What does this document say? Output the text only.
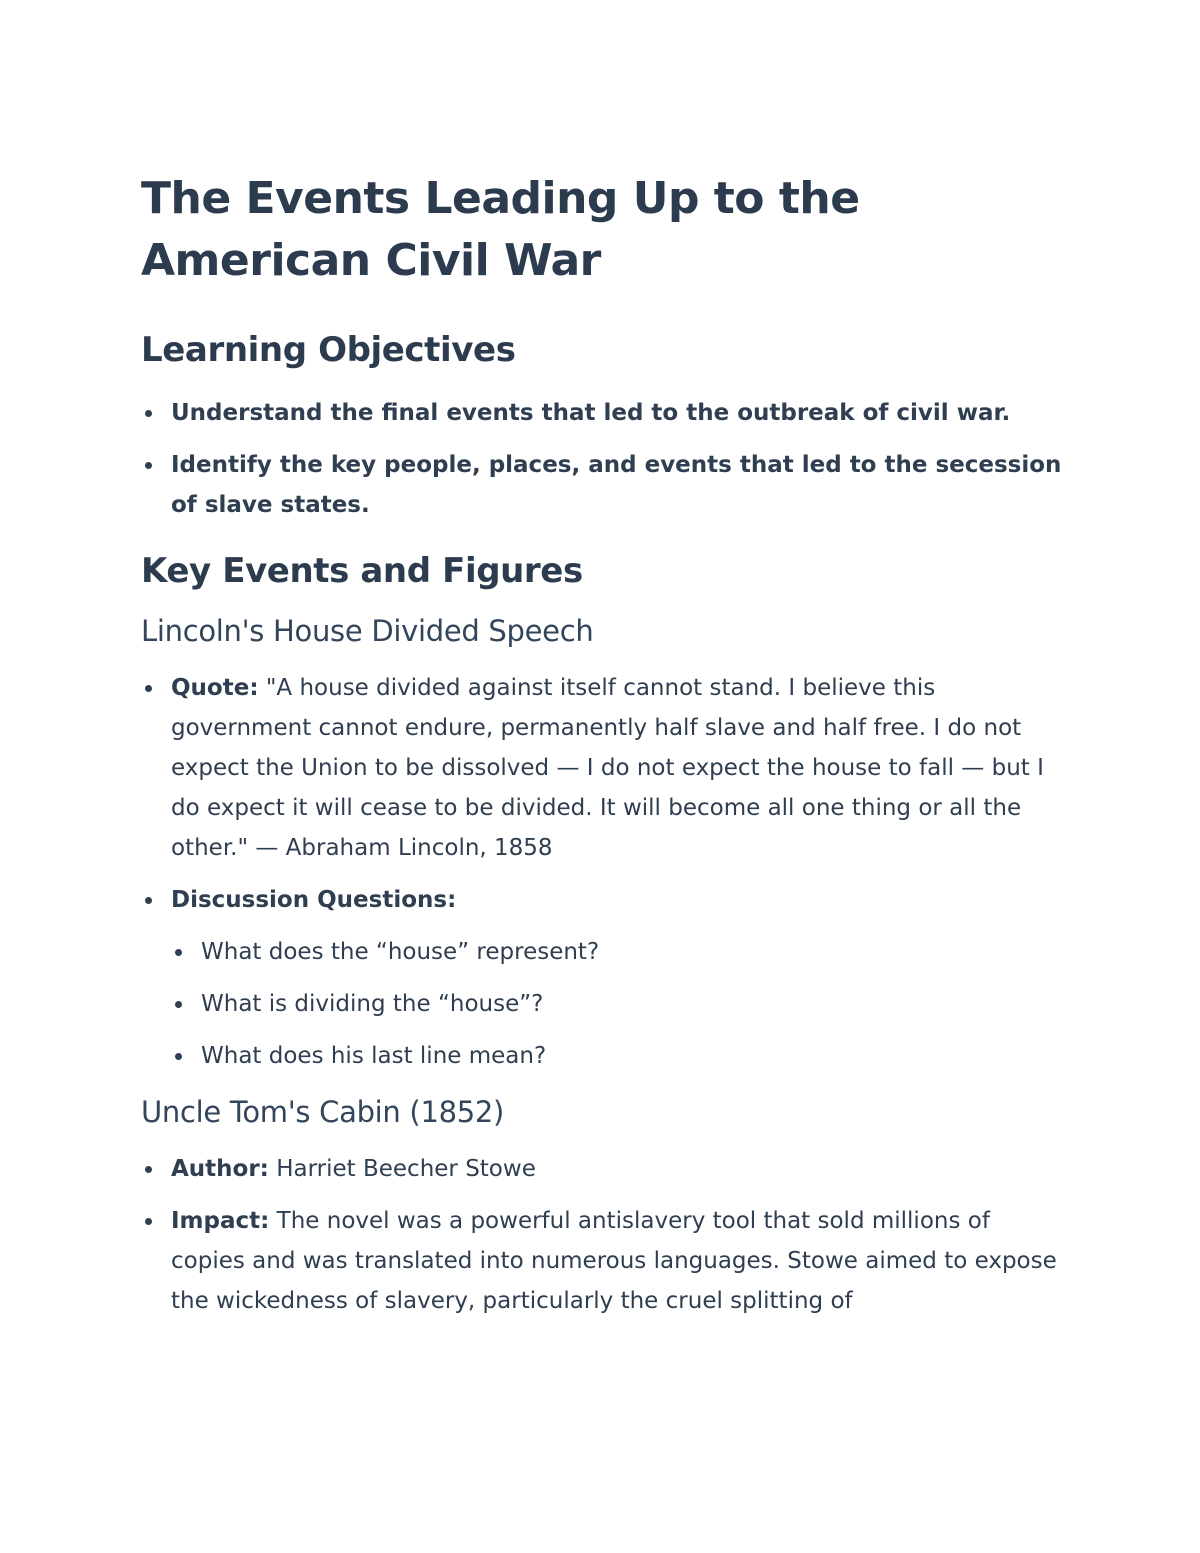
The Events Leading Up to the American Civil War
Learning Objectives
Understand the final events that led to the outbreak of civil war.
Identify the key people, places, and events that led to the secession of slave states.
Key Events and Figures
Lincoln's House Divided Speech
Quote: "A house divided against itself cannot stand. I believe this government cannot endure, permanently half slave and half free. I do not expect the Union to be dissolved — I do not expect the house to fall — but I do expect it will cease to be divided. It will become all one thing or all the other." — Abraham Lincoln, 1858
Discussion Questions:
What does the “house” represent?
What is dividing the “house”?
What does his last line mean?
Uncle Tom's Cabin (1852)
Author: Harriet Beecher Stowe
Impact: The novel was a powerful antislavery tool that sold millions of copies and was translated into numerous languages. Stowe aimed to expose the wickedness of slavery, particularly the cruel splitting of
